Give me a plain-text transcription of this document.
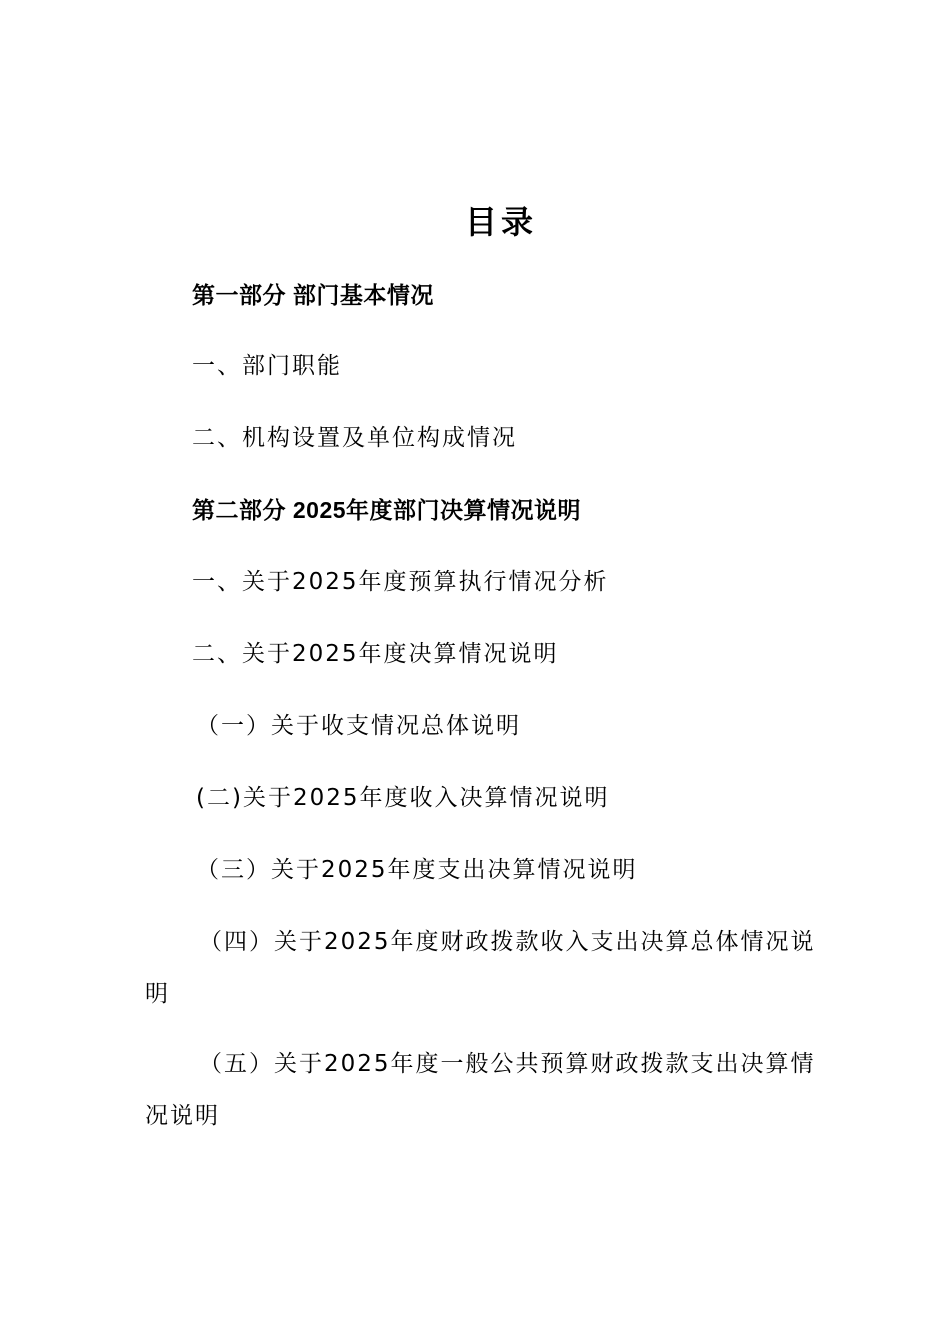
目录
第一部分 部门基本情况
一、部门职能
二、机构设置及单位构成情况
第二部分 2025年度部门决算情况说明
一、关于2025年度预算执行情况分析
二、关于2025年度决算情况说明
（一）关于收支情况总体说明
(二)关于2025年度收入决算情况说明
（三）关于2025年度支出决算情况说明
（四）关于2025年度财政拨款收入支出决算总体情况说明
（五）关于2025年度一般公共预算财政拨款支出决算情况说明
